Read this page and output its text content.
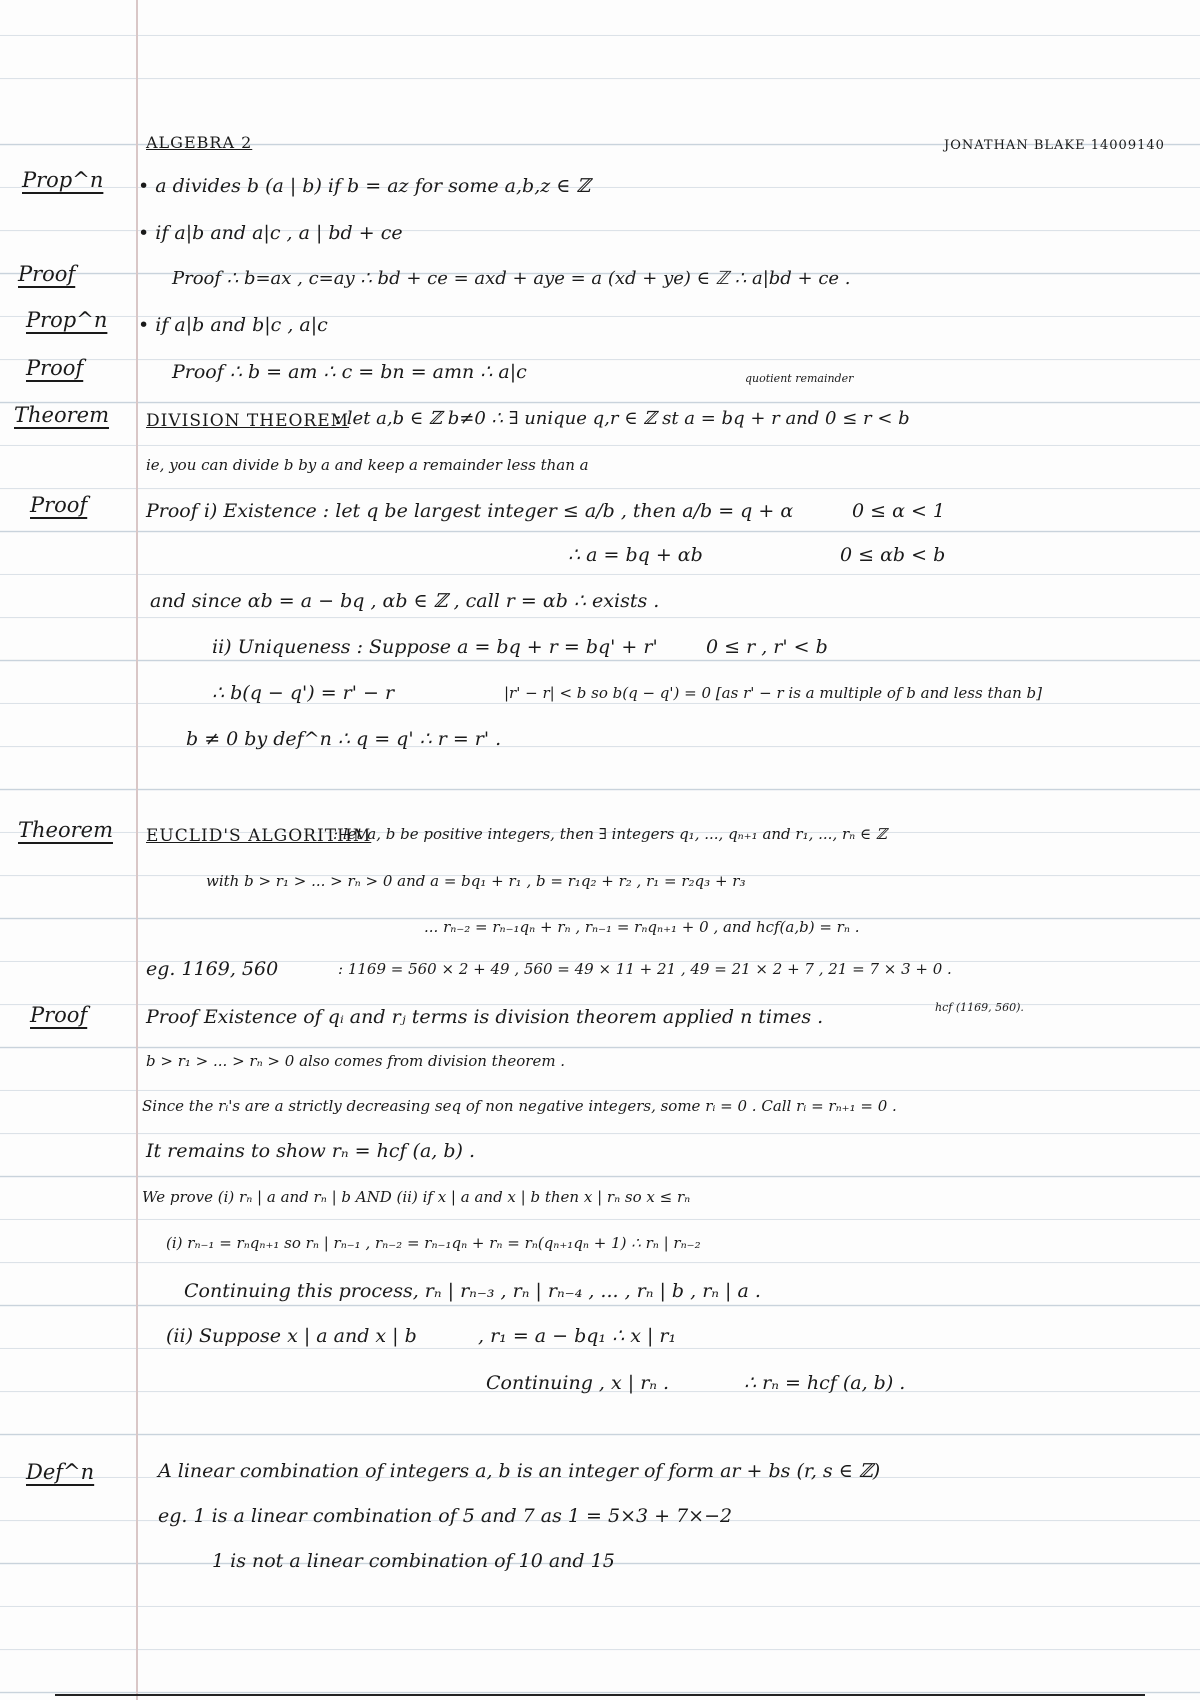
ALGEBRA 2	JONATHAN BLAKE 14009140
Prop^n
Proof
Prop^n
Proof
Theorem
Proof
Theorem
Proof
Def^n
• a divides b (a | b) if b = az for some a,b,z ∈ ℤ
• if a|b and a|c , a | bd + ce
Proof ∴ b=ax , c=ay ∴ bd + ce = axd + aye = a (xd + ye) ∈ ℤ ∴ a|bd + ce .
• if a|b and b|c , a|c
Proof ∴ b = am ∴ c = bn = amn ∴ a|c	quotient remainder
DIVISION THEOREM
: let a,b ∈ ℤ b≠0 ∴ ∃ unique q,r ∈ ℤ st a = bq + r and 0 ≤ r < b
ie, you can divide b by a and keep a remainder less than a
Proof i) Existence : let q be largest integer ≤ a/b , then a/b = q + α	0 ≤ α < 1
∴ a = bq + αb	0 ≤ αb < b
and since αb = a − bq , αb ∈ ℤ , call r = αb ∴ exists .
ii) Uniqueness : Suppose a = bq + r = bq' + r'	0 ≤ r , r' < b
∴ b(q − q') = r' − r	|r' − r| < b so b(q − q') = 0 [as r' − r is a multiple of b and less than b]
b ≠ 0 by def^n ∴ q = q' ∴ r = r' .
EUCLID'S ALGORITHM
: let a, b be positive integers, then ∃ integers q₁, ..., qₙ₊₁ and r₁, ..., rₙ ∈ ℤ
with b > r₁ > ... > rₙ > 0 and a = bq₁ + r₁ , b = r₁q₂ + r₂ , r₁ = r₂q₃ + r₃
... rₙ₋₂ = rₙ₋₁qₙ + rₙ , rₙ₋₁ = rₙqₙ₊₁ + 0 , and hcf(a,b) = rₙ .
eg. 1169, 560	: 1169 = 560 × 2 + 49 , 560 = 49 × 11 + 21 , 49 = 21 × 2 + 7 , 21 = 7 × 3 + 0 .
hcf (1169, 560).
Proof Existence of qᵢ and rⱼ terms is division theorem applied n times .
b > r₁ > ... > rₙ > 0 also comes from division theorem .
Since the rᵢ's are a strictly decreasing seq of non negative integers, some rᵢ = 0 . Call rᵢ = rₙ₊₁ = 0 .
It remains to show rₙ = hcf (a, b) .
We prove (i) rₙ | a and rₙ | b AND (ii) if x | a and x | b then x | rₙ so x ≤ rₙ
(i) rₙ₋₁ = rₙqₙ₊₁ so rₙ | rₙ₋₁ , rₙ₋₂ = rₙ₋₁qₙ + rₙ = rₙ(qₙ₊₁qₙ + 1) ∴ rₙ | rₙ₋₂
Continuing this process, rₙ | rₙ₋₃ , rₙ | rₙ₋₄ , ... , rₙ | b , rₙ | a .
(ii) Suppose x | a and x | b	, r₁ = a − bq₁ ∴ x | r₁
Continuing , x | rₙ .	∴ rₙ = hcf (a, b) .
A linear combination of integers a, b is an integer of form ar + bs (r, s ∈ ℤ)
eg. 1 is a linear combination of 5 and 7 as 1 = 5×3 + 7×−2
1 is not a linear combination of 10 and 15
